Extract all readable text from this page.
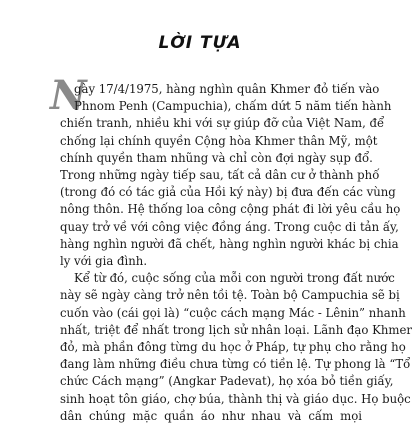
LỜI TỰA
N
gày 17/4/1975, hàng nghìn quân Khmer đỏ tiến vào
Phnom Penh (Campuchia), chấm dứt 5 năm tiến hành
chiến tranh, nhiều khi với sự giúp đỡ của Việt Nam, để
chống lại chính quyền Cộng hòa Khmer thân Mỹ, một
chính quyền tham nhũng và chỉ còn đợi ngày sụp đổ.
Trong những ngày tiếp sau, tất cả dân cư ở thành phố
(trong đó có tác giả của Hồi ký này) bị đưa đến các vùng
nông thôn. Hệ thống loa công cộng phát đi lời yêu cầu họ
quay trở về với công việc đồng áng. Trong cuộc di tản ấy,
hàng nghìn người đã chết, hàng nghìn người khác bị chia
ly với gia đình.
Kể từ đó, cuộc sống của mỗi con người trong đất nước
này sẽ ngày càng trở nên tồi tệ. Toàn bộ Campuchia sẽ bị
cuốn vào (cái gọi là) “cuộc cách mạng Mác - Lênin” nhanh
nhất, triệt để nhất trong lịch sử nhân loại. Lãnh đạo Khmer
đỏ, mà phần đông từng du học ở Pháp, tự phụ cho rằng họ
đang làm những điều chưa từng có tiền lệ. Tự phong là “Tổ
chức Cách mạng” (Angkar Padevat), họ xóa bỏ tiền giấy,
sinh hoạt tôn giáo, chợ búa, thành thị và giáo dục. Họ buộc
dân chúng mặc quần áo như nhau và cấm mọi
